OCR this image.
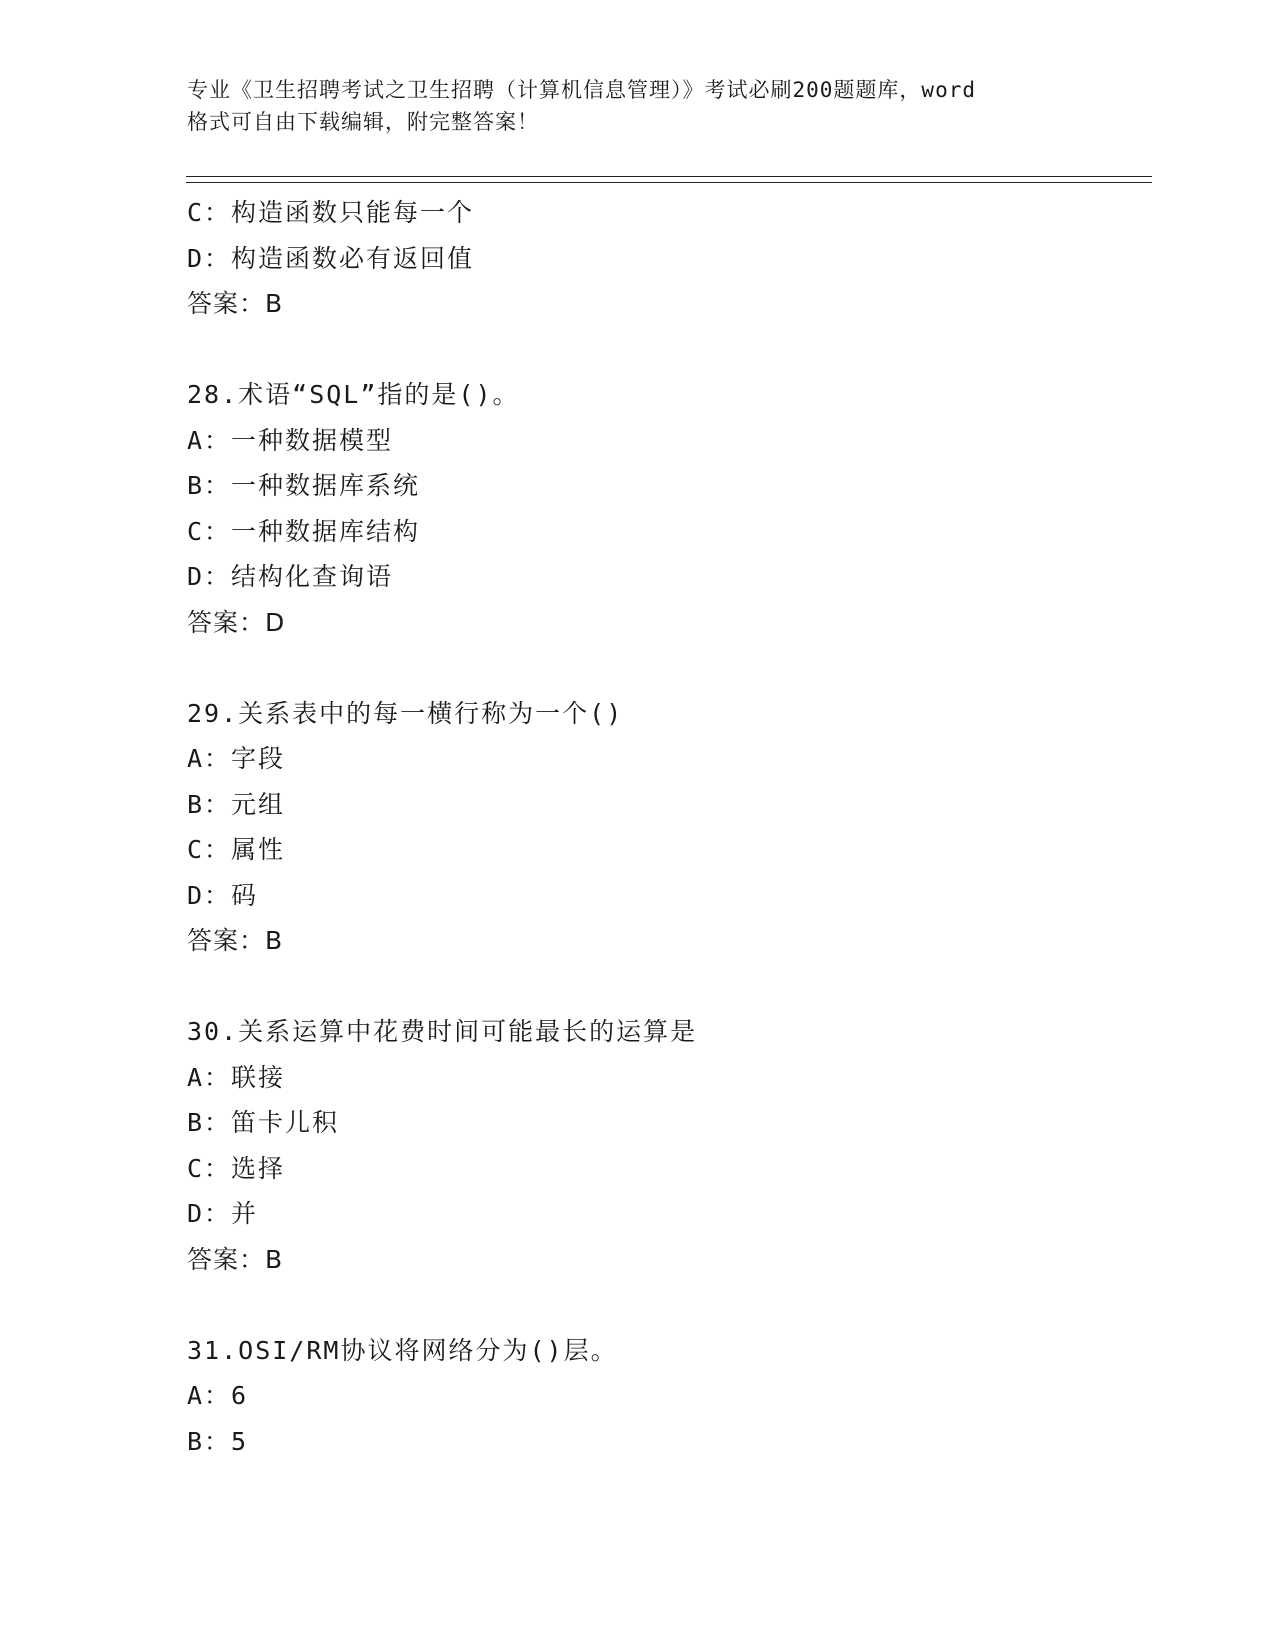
专业《卫生招聘考试之卫生招聘（计算机信息管理）》考试必刷200题题库，word
格式可自由下载编辑，附完整答案！
C：构造函数只能每一个
D：构造函数必有返回值
答案：B
28.术语“SQL”指的是()。
A：一种数据模型
B：一种数据库系统
C：一种数据库结构
D：结构化查询语
答案：D
29.关系表中的每一横行称为一个()
A：字段
B：元组
C：属性
D：码
答案：B
30.关系运算中花费时间可能最长的运算是
A：联接
B：笛卡儿积
C：选择
D：并
答案：B
31.OSI/RM协议将网络分为()层。
A：6
B：5
